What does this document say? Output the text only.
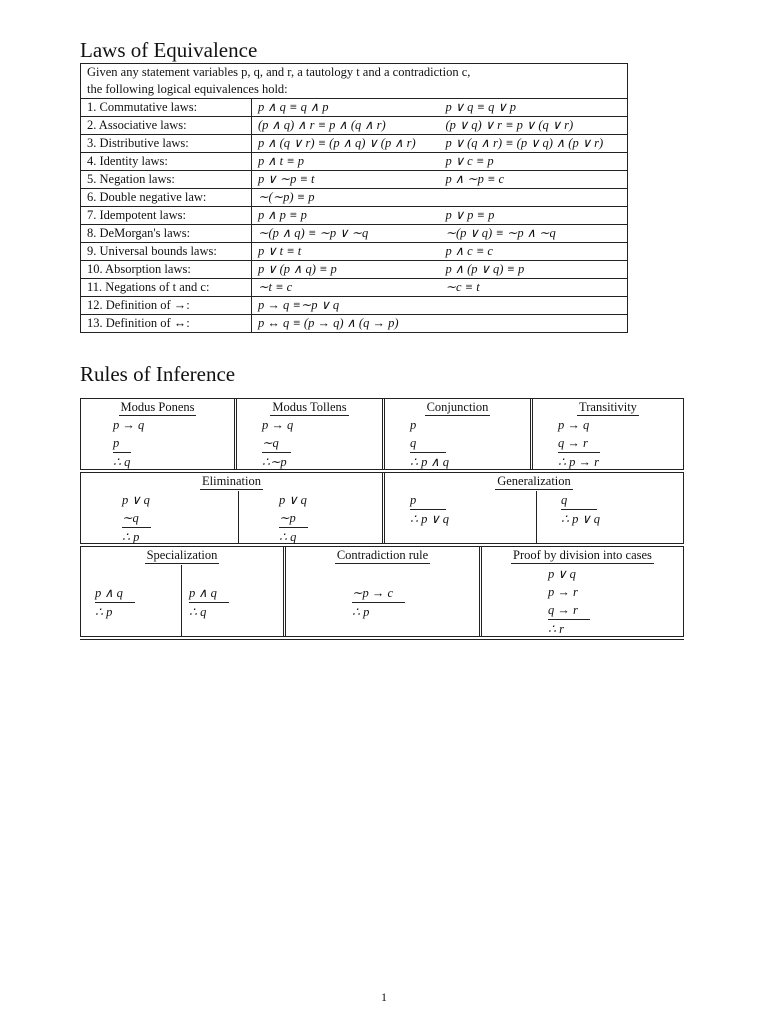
Laws of Equivalence
Given any statement variables p, q, and r, a tautology t and a contradiction c,
the following logical equivalences hold:		

1. Commutative laws:	p ∧ q ≡ q ∧ p	p ∨ q ≡ q ∨ p
2. Associative laws:	(p ∧ q) ∧ r ≡ p ∧ (q ∧ r)	(p ∨ q) ∨ r ≡ p ∨ (q ∨ r)
3. Distributive laws:	p ∧ (q ∨ r) ≡ (p ∧ q) ∨ (p ∧ r)	p ∨ (q ∧ r) ≡ (p ∨ q) ∧ (p ∨ r)
4. Identity laws:	p ∧ t ≡ p	p ∨ c ≡ p
5. Negation laws:	p ∨ ∼p ≡ t	p ∧ ∼p ≡ c
6. Double negative law:	∼(∼p) ≡ p	
7. Idempotent laws:	p ∧ p ≡ p	p ∨ p ≡ p
8. DeMorgan's laws:	∼(p ∧ q) ≡ ∼p ∨ ∼q	∼(p ∨ q) ≡ ∼p ∧ ∼q
9. Universal bounds laws:	p ∨ t ≡ t	p ∧ c ≡ c
10. Absorption laws:	p ∨ (p ∧ q) ≡ p	p ∧ (p ∨ q) ≡ p
11. Negations of t and c:	∼t ≡ c	∼c ≡ t
12. Definition of →:	p → q ≡∼p ∨ q	
13. Definition of ↔:	p ↔ q ≡ (p → q) ∧ (q → p)	
Rules of Inference
Modus Ponens
p → q
p
∴ q
Modus Tollens
p → q
∼q
∴∼p
Conjunction
p
q
∴ p ∧ q
Transitivity
p → q
q → r
∴ p → r
Elimination
p ∨ q
∼q
∴ p
p ∨ q
∼p
∴ q
Generalization
p
∴ p ∨ q
q
∴ p ∨ q
Specialization
p ∧ q
∴ p
p ∧ q
∴ q
Contradiction rule
∼p → c
∴ p
Proof by division into cases
p ∨ q
p → r
q → r
∴ r
1
